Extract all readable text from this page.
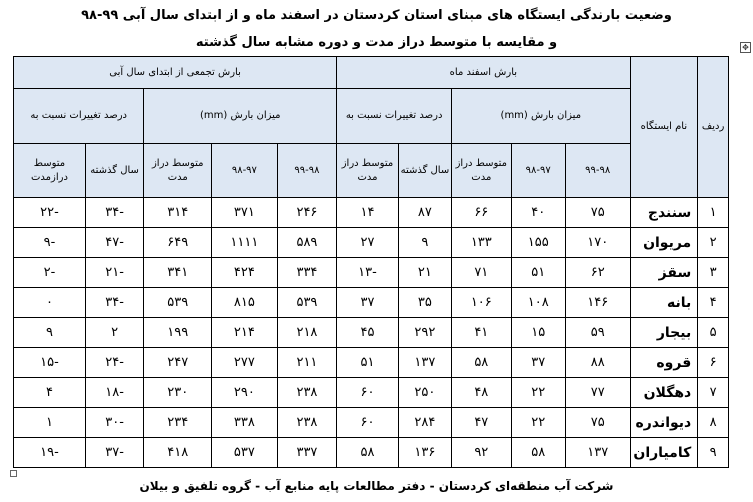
وضعیت بارندگی ایستگاه های مبنای استان کردستان در اسفند ماه و از ابتدای سال آبی ۹۹-۹۸
و مقایسه با متوسط دراز مدت و دوره مشابه سال گذشته	✥
ردیف	نام ایستگاه	بارش اسفند ماه					بارش تجمعی از ابتدای سال آبی				
		میزان بارش (mm)			درصد تغییرات نسبت به		میزان بارش (mm)			درصد تغییرات نسبت به	
		۹۹-۹۸	۹۸-۹۷	متوسط دراز مدت	سال گذشته	متوسط دراز مدت	۹۹-۹۸	۹۸-۹۷	متوسط دراز مدت	سال گذشته	متوسط درازمدت
۱	سنندج	۷۵	۴۰	۶۶	۸۷	۱۴	۲۴۶	۳۷۱	۳۱۴	-۳۴	-۲۲
۲	مریوان	۱۷۰	۱۵۵	۱۳۳	۹	۲۷	۵۸۹	۱۱۱۱	۶۴۹	-۴۷	-۹
۳	سقز	۶۲	۵۱	۷۱	۲۱	-۱۳	۳۳۴	۴۲۴	۳۴۱	-۲۱	-۲
۴	بانه	۱۴۶	۱۰۸	۱۰۶	۳۵	۳۷	۵۳۹	۸۱۵	۵۳۹	-۳۴	۰
۵	بیجار	۵۹	۱۵	۴۱	۲۹۲	۴۵	۲۱۸	۲۱۴	۱۹۹	۲	۹
۶	قروه	۸۸	۳۷	۵۸	۱۳۷	۵۱	۲۱۱	۲۷۷	۲۴۷	-۲۴	-۱۵
۷	دهگلان	۷۷	۲۲	۴۸	۲۵۰	۶۰	۲۳۸	۲۹۰	۲۳۰	-۱۸	۴
۸	دیواندره	۷۵	۲۲	۴۷	۲۸۴	۶۰	۲۳۸	۳۳۸	۲۳۴	-۳۰	۱
۹	کامیاران	۱۳۷	۵۸	۹۲	۱۳۶	۵۸	۳۳۷	۵۳۷	۴۱۸	-۳۷	-۱۹
شرکت آب منطقه‌ای کردستان - دفتر مطالعات پایه منابع آب - گروه تلفیق و بیلان
